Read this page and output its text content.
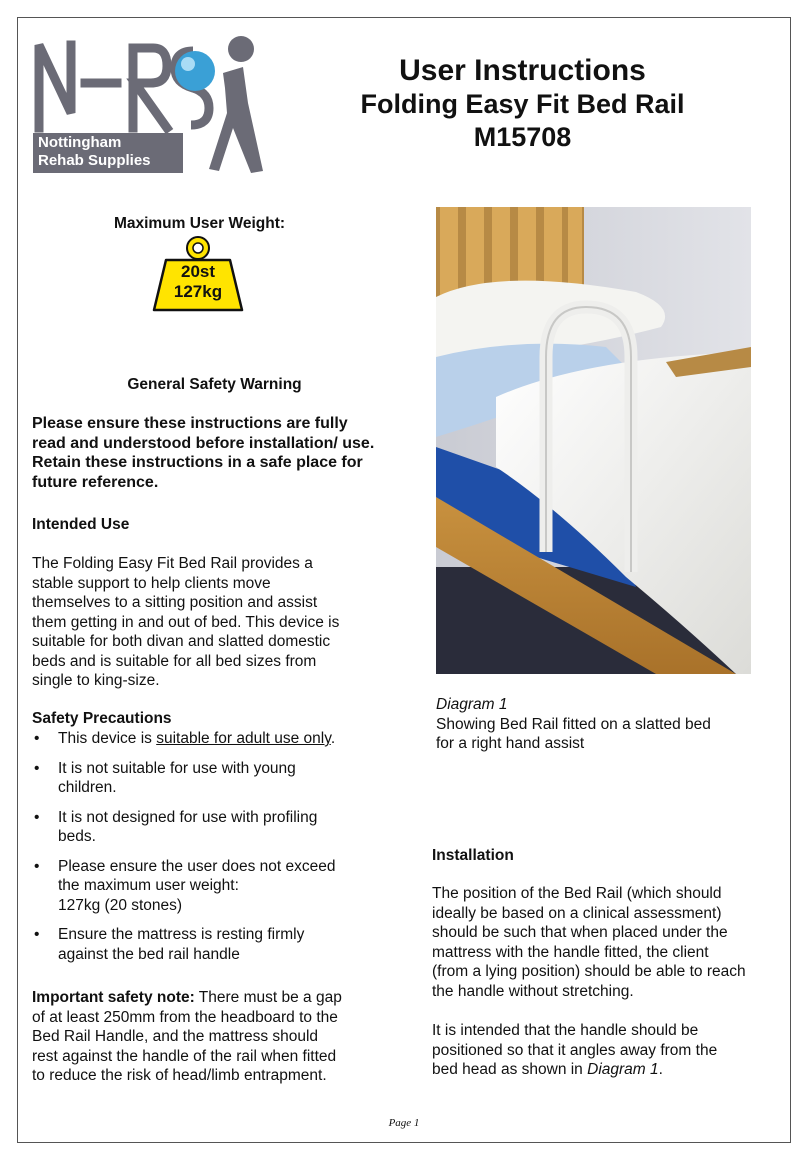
Nottingham
Rehab Supplies
User Instructions
Folding Easy Fit Bed Rail
M15708
Maximum User Weight:
20st
127kg
General Safety Warning
Please ensure these instructions are fully
read and understood before installation/ use.
Retain these instructions in a safe place for
future reference.
Intended Use
The Folding Easy Fit Bed Rail provides a
stable support to help clients move
themselves to a sitting position and assist
them getting in and out of bed. This device is
suitable for both divan and slatted domestic
beds and is suitable for all bed sizes from
single to king-size.
Safety Precautions
• This device is suitable for adult use only.
• It is not suitable for use with young
children.
• It is not designed for use with profiling
beds.
• Please ensure the user does not exceed
the maximum user weight:
127kg (20 stones)
• Ensure the mattress is resting firmly
against the bed rail handle
Important safety note: There must be a gap
of at least 250mm from the headboard to the
Bed Rail Handle, and the mattress should
rest against the handle of the rail when fitted
to reduce the risk of head/limb entrapment.
Diagram 1
Showing Bed Rail fitted on a slatted bed
for a right hand assist
Installation
The position of the Bed Rail (which should
ideally be based on a clinical assessment)
should be such that when placed under the
mattress with the handle fitted, the client
(from a lying position) should be able to reach
the handle without stretching.
It is intended that the handle should be
positioned so that it angles away from the
bed head as shown in Diagram 1.
Page 1
